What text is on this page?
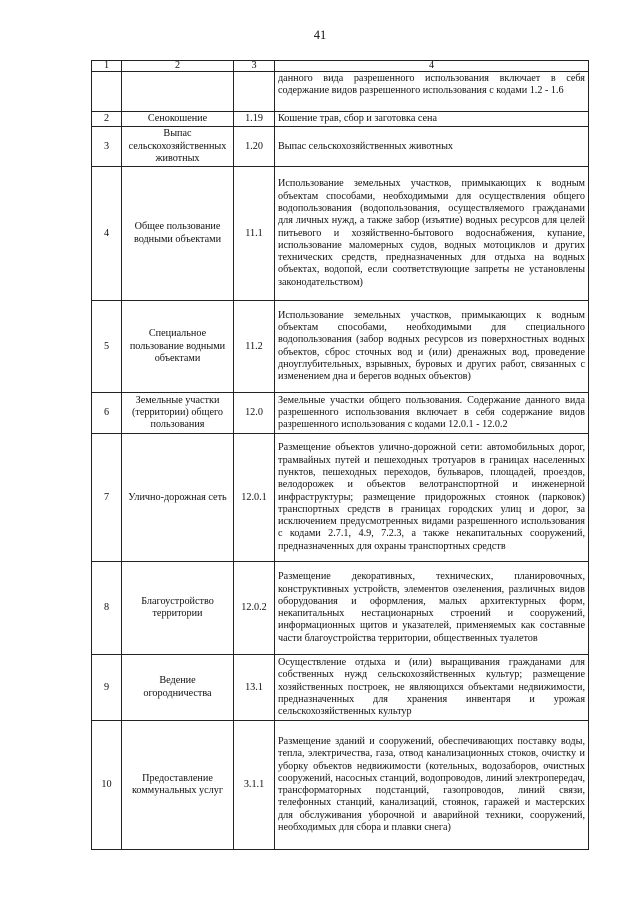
41
1	2	3	4
			данного вида разрешенного использования включает в себя содержание видов разрешенного использования с кодами 1.2 - 1.6
2	Сенокошение	1.19	Кошение трав, сбор и заготовка сена
3	Выпас сельскохозяйственных животных	1.20	Выпас сельскохозяйственных животных
4	Общее пользование водными объектами	11.1	Использование земельных участков, примыкающих к водным объектам способами, необходимыми для осуществления общего водопользования (водопользования, осуществляемого гражданами для личных нужд, а также забор (изъятие) водных ресурсов для целей питьевого и хозяйственно-бытового водоснабжения, купание, использование маломерных судов, водных мотоциклов и других технических средств, предназначенных для отдыха на водных объектах, водопой, если соответствующие запреты не установлены законодательством)
5	Специальное пользование водными объектами	11.2	Использование земельных участков, примыкающих к водным объектам способами, необходимыми для специального водопользования (забор водных ресурсов из поверхностных водных объектов, сброс сточных вод и (или) дренажных вод, проведение дноуглубительных, взрывных, буровых и других работ, связанных с изменением дна и берегов водных объектов)
6	Земельные участки (территории) общего пользования	12.0	Земельные участки общего пользования. Содержание данного вида разрешенного использования включает в себя содержание видов разрешенного использования с кодами 12.0.1 - 12.0.2
7	Улично-дорожная сеть	12.0.1	Размещение объектов улично-дорожной сети: автомобильных дорог, трамвайных путей и пешеходных тротуаров в границах населенных пунктов, пешеходных переходов, бульваров, площадей, проездов, велодорожек и объектов велотранспортной и инженерной инфраструктуры; размещение придорожных стоянок (парковок) транспортных средств в границах городских улиц и дорог, за исключением предусмотренных видами разрешенного использования с кодами 2.7.1, 4.9, 7.2.3, а также некапитальных сооружений, предназначенных для охраны транспортных средств
8	Благоустройство территории	12.0.2	Размещение декоративных, технических, планировочных, конструктивных устройств, элементов озеленения, различных видов оборудования и оформления, малых архитектурных форм, некапитальных нестационарных строений и сооружений, информационных щитов и указателей, применяемых как составные части благоустройства территории, общественных туалетов
9	Ведение огородничества	13.1	Осуществление отдыха и (или) выращивания гражданами для собственных нужд сельскохозяйственных культур; размещение хозяйственных построек, не являющихся объектами недвижимости, предназначенных для хранения инвентаря и урожая сельскохозяйственных культур
10	Предоставление коммунальных услуг	3.1.1	Размещение зданий и сооружений, обеспечивающих поставку воды, тепла, электричества, газа, отвод канализационных стоков, очистку и уборку объектов недвижимости (котельных, водозаборов, очистных сооружений, насосных станций, водопроводов, линий электропередач, трансформаторных подстанций, газопроводов, линий связи, телефонных станций, канализаций, стоянок, гаражей и мастерских для обслуживания уборочной и аварийной техники, сооружений, необходимых для сбора и плавки снега)
